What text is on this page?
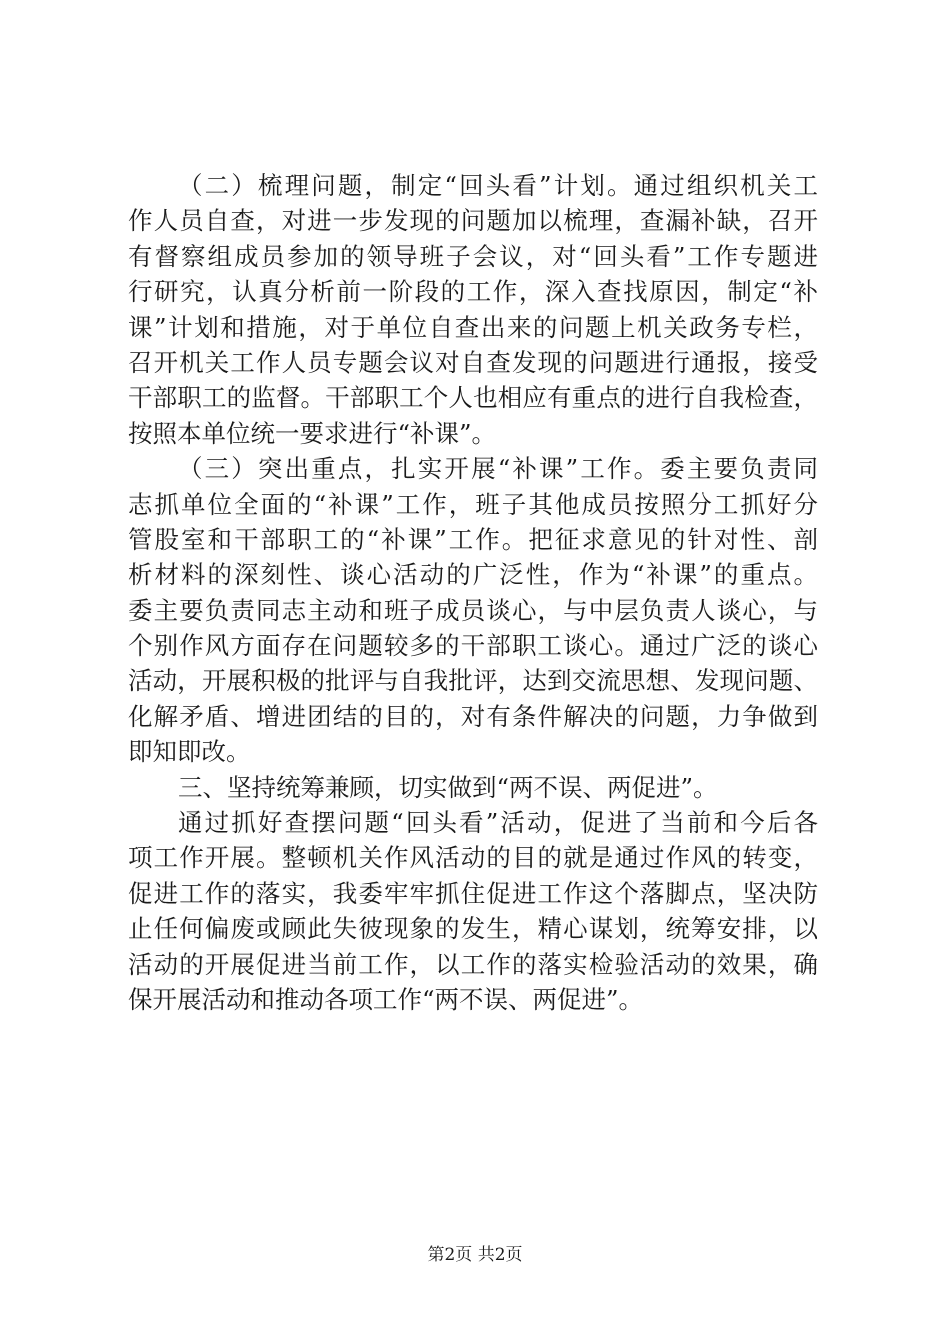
（二）梳理问题，制定“回头看”计划。通过组织机关工
作人员自查，对进一步发现的问题加以梳理，查漏补缺，召开
有督察组成员参加的领导班子会议，对“回头看”工作专题进
行研究，认真分析前一阶段的工作，深入查找原因，制定“补
课”计划和措施，对于单位自查出来的问题上机关政务专栏，
召开机关工作人员专题会议对自查发现的问题进行通报，接受
干部职工的监督。干部职工个人也相应有重点的进行自我检查，
按照本单位统一要求进行“补课”。
（三）突出重点，扎实开展“补课”工作。委主要负责同
志抓单位全面的“补课”工作，班子其他成员按照分工抓好分
管股室和干部职工的“补课”工作。把征求意见的针对性、剖
析材料的深刻性、谈心活动的广泛性，作为“补课”的重点。
委主要负责同志主动和班子成员谈心，与中层负责人谈心，与
个别作风方面存在问题较多的干部职工谈心。通过广泛的谈心
活动，开展积极的批评与自我批评，达到交流思想、发现问题、
化解矛盾、增进团结的目的，对有条件解决的问题，力争做到
即知即改。
三、坚持统筹兼顾，切实做到“两不误、两促进”。
通过抓好查摆问题“回头看”活动，促进了当前和今后各
项工作开展。整顿机关作风活动的目的就是通过作风的转变，
促进工作的落实，我委牢牢抓住促进工作这个落脚点，坚决防
止任何偏废或顾此失彼现象的发生，精心谋划，统筹安排，以
活动的开展促进当前工作，以工作的落实检验活动的效果，确
保开展活动和推动各项工作“两不误、两促进”。
第2页 共2页
